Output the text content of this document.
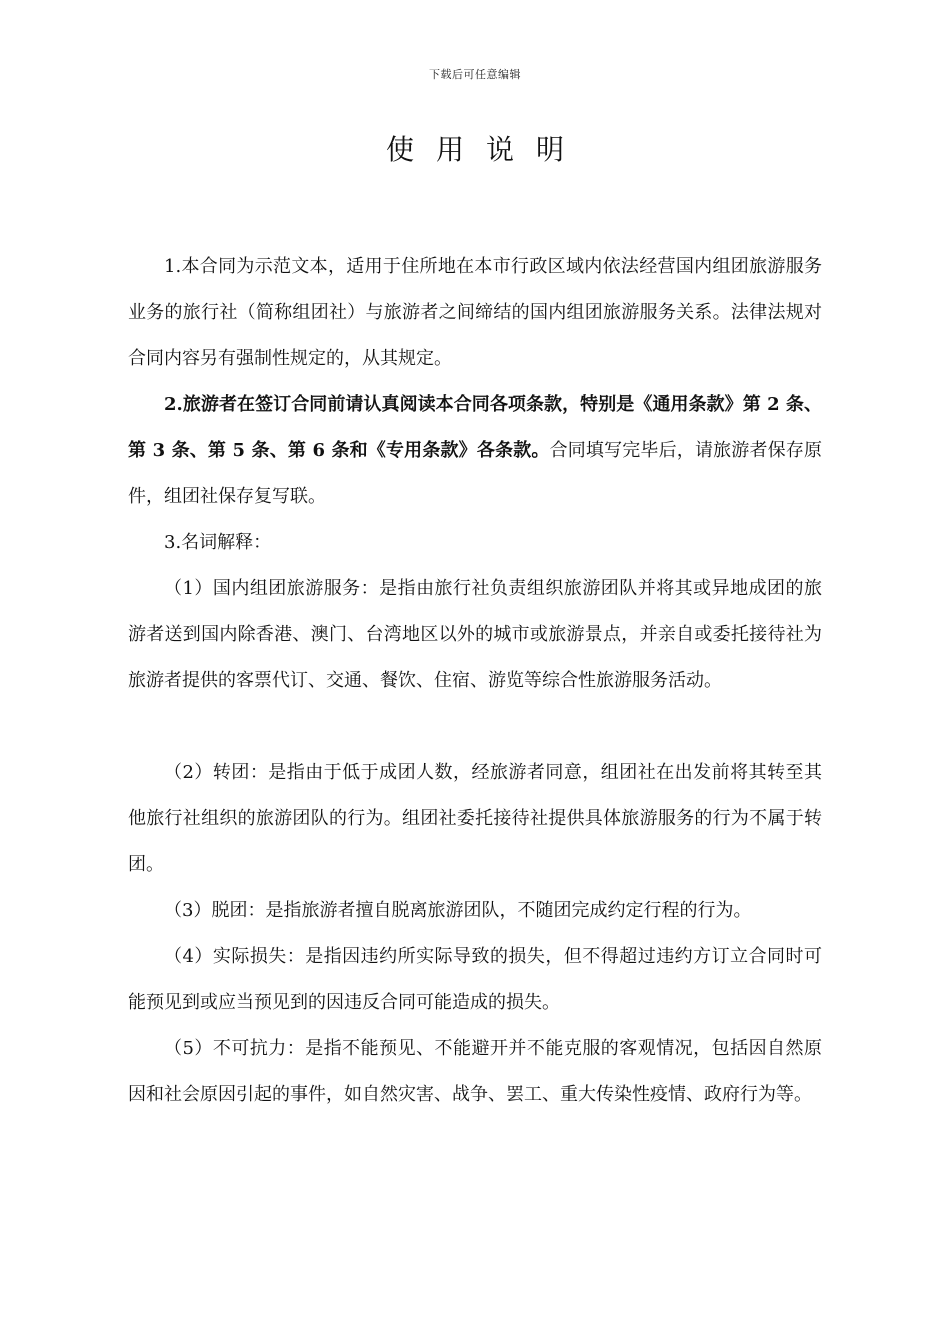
下载后可任意编辑
使用说明

1.本合同为示范文本，适用于住所地在本市行政区域内依法经营国内组团旅游服务业务的旅行社（简称组团社）与旅游者之间缔结的国内组团旅游服务关系。法律法规对合同内容另有强制性规定的，从其规定。

2.旅游者在签订合同前请认真阅读本合同各项条款，特别是《通用条款》第 2 条、第 3 条、第 5 条、第 6 条和《专用条款》各条款。合同填写完毕后，请旅游者保存原件，组团社保存复写联。

3.名词解释：

（1）国内组团旅游服务：是指由旅行社负责组织旅游团队并将其或异地成团的旅游者送到国内除香港、澳门、台湾地区以外的城市或旅游景点，并亲自或委托接待社为旅游者提供的客票代订、交通、餐饮、住宿、游览等综合性旅游服务活动。

（2）转团：是指由于低于成团人数，经旅游者同意，组团社在出发前将其转至其他旅行社组织的旅游团队的行为。组团社委托接待社提供具体旅游服务的行为不属于转团。

（3）脱团：是指旅游者擅自脱离旅游团队，不随团完成约定行程的行为。

（4）实际损失：是指因违约所实际导致的损失，但不得超过违约方订立合同时可能预见到或应当预见到的因违反合同可能造成的损失。

（5）不可抗力：是指不能预见、不能避开并不能克服的客观情况，包括因自然原因和社会原因引起的事件，如自然灾害、战争、罢工、重大传染性疫情、政府行为等。
